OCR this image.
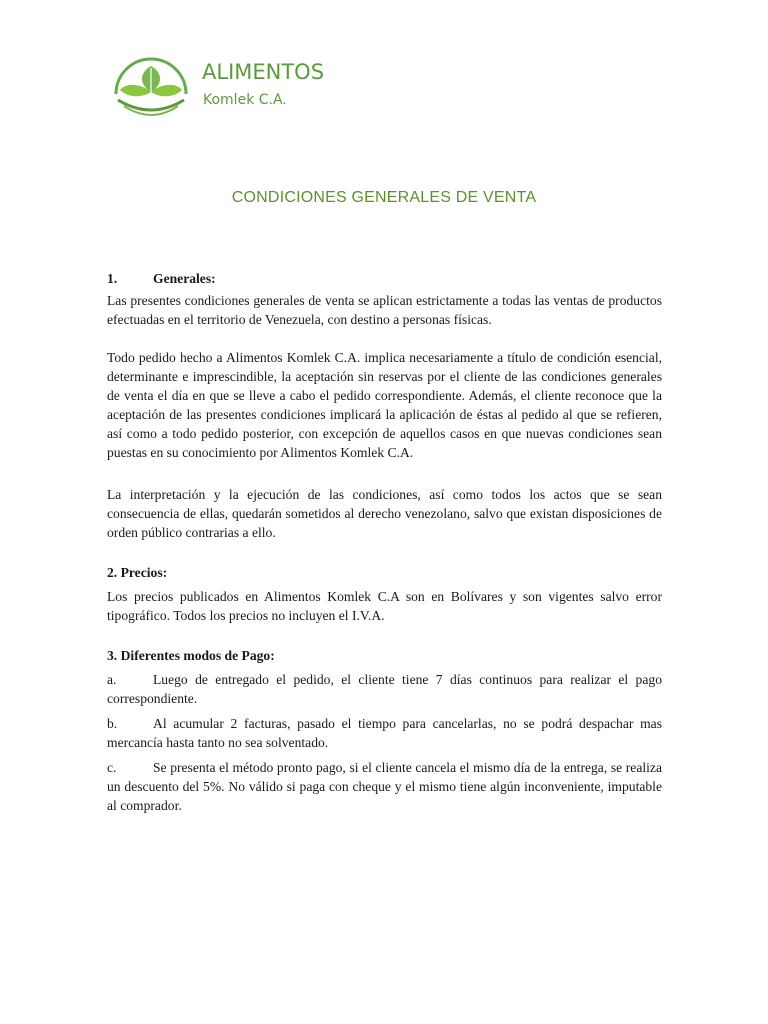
ALIMENTOS
Komlek C.A.
CONDICIONES GENERALES DE VENTA
1.	Generales:

Las presentes condiciones generales de venta se aplican estrictamente a todas las ventas de productos efectuadas en el territorio de Venezuela, con destino a personas físicas.

Todo pedido hecho a Alimentos Komlek C.A. implica necesariamente a título de condición esencial, determinante e imprescindible, la aceptación sin reservas por el cliente de las condiciones generales de venta el día en que se lleve a cabo el pedido correspondiente. Además, el cliente reconoce que la aceptación de las presentes condiciones implicará la aplicación de éstas al pedido al que se refieren, así como a todo pedido posterior, con excepción de aquellos casos en que nuevas condiciones sean puestas en su conocimiento por Alimentos Komlek C.A.

La interpretación y la ejecución de las condiciones, así como todos los actos que se sean consecuencia de ellas, quedarán sometidos al derecho venezolano, salvo que existan disposiciones de orden público contrarias a ello.

2. Precios:

Los precios publicados en Alimentos Komlek C.A son en Bolívares y son vigentes salvo error tipográfico. Todos los precios no incluyen el I.V.A.

3. Diferentes modos de Pago:
a.	Luego de entregado el pedido, el cliente tiene 7 días continuos para realizar el pago correspondiente.
b.	Al acumular 2 facturas, pasado el tiempo para cancelarlas, no se podrá despachar mas mercancía hasta tanto no sea solventado.
c.	Se presenta el método pronto pago, si el cliente cancela el mismo día de la entrega, se realiza un descuento del 5%. No válido si paga con cheque y el mismo tiene algún inconveniente, imputable al comprador.
